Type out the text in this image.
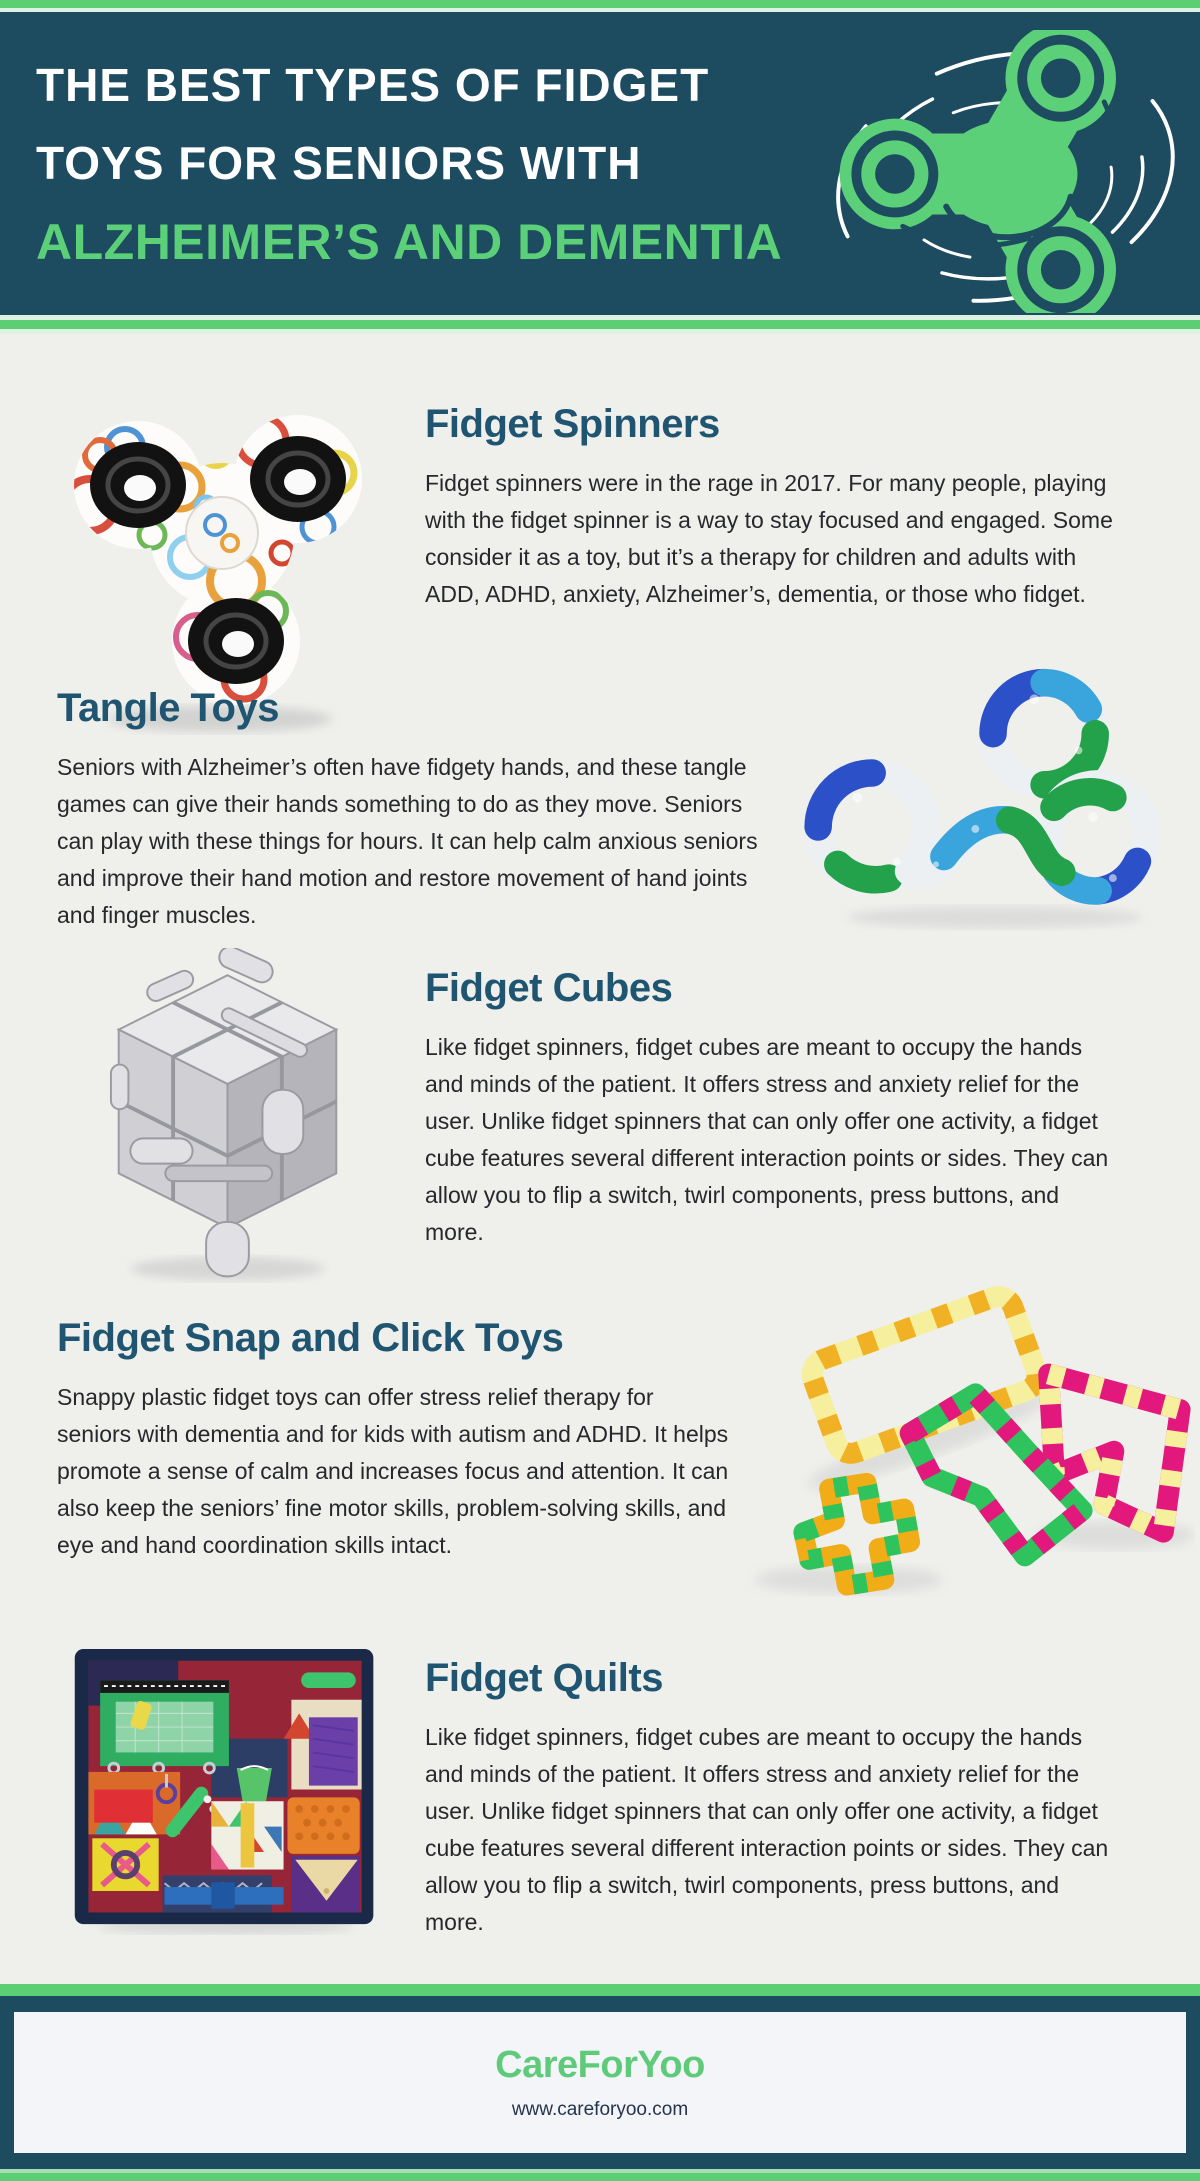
THE BEST TYPES OF FIDGET
TOYS FOR SENIORS WITH
ALZHEIMER’S AND DEMENTIA
Fidget Spinners

Fidget spinners were in the rage in 2017. For many people, playing with the fidget spinner is a way to stay focused and engaged. Some consider it as a toy, but it’s a therapy for children and adults with ADD, ADHD, anxiety, Alzheimer’s, dementia, or those who fidget.

Tangle Toys

Seniors with Alzheimer’s often have fidgety hands, and these tangle games can give their hands something to do as they move. Seniors can play with these things for hours. It can help calm anxious seniors and improve their hand motion and restore movement of hand joints and finger muscles.

Fidget Cubes

Like fidget spinners, fidget cubes are meant to occupy the hands and minds of the patient. It offers stress and anxiety relief for the user. Unlike fidget spinners that can only offer one activity, a fidget cube features several different interaction points or sides. They can allow you to flip a switch, twirl components, press buttons, and more.

Fidget Snap and Click Toys

Snappy plastic fidget toys can offer stress relief therapy for seniors with dementia and for kids with autism and ADHD. It helps promote a sense of calm and increases focus and attention. It can also keep the seniors’ fine motor skills, problem-solving skills, and eye and hand coordination skills intact.

Fidget Quilts

Like fidget spinners, fidget cubes are meant to occupy the hands and minds of the patient. It offers stress and anxiety relief for the user. Unlike fidget spinners that can only offer one activity, a fidget cube features several different interaction points or sides. They can allow you to flip a switch, twirl components, press buttons, and more.

CareForYoo
www.careforyoo.com
